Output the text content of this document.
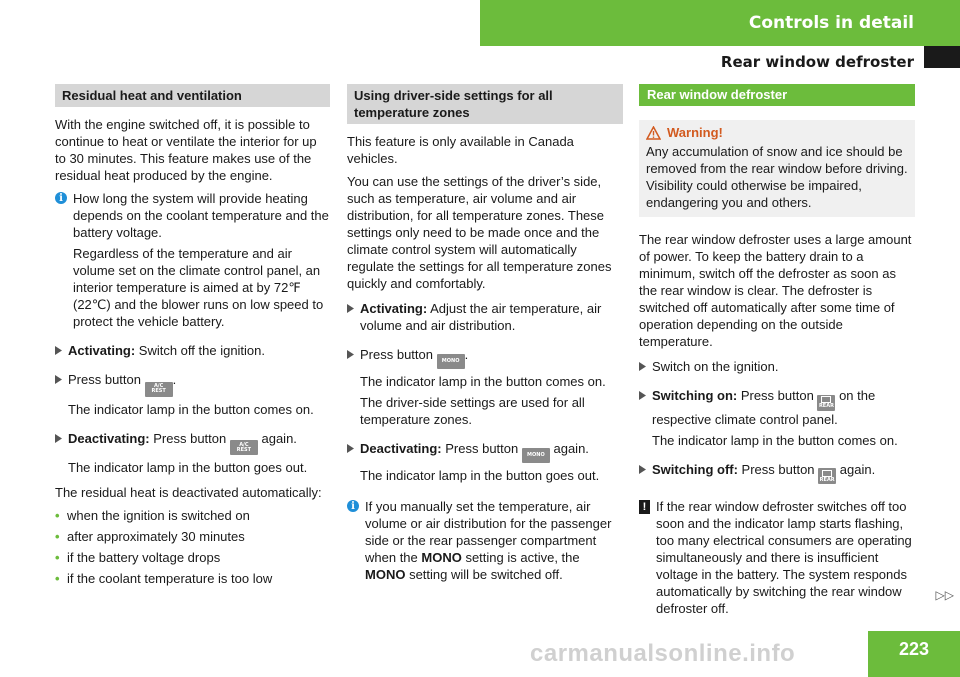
Controls in detail
Rear window defroster
Residual heat and ventilation

With the engine switched off, it is possible to continue to heat or ventilate the interior for up to 30 minutes. This feature makes use of the residual heat produced by the engine.

i How long the system will provide heating depends on the coolant temperature and the battery voltage.

Regardless of the temperature and air volume set on the climate control panel, an interior temperature is aimed at by 72℉ (22℃) and the blower runs on low speed to protect the vehicle battery.

Activating: Switch off the ignition.

Press button	A/C
REST
.

The indicator lamp in the button comes on.

Deactivating: Press button	A/C
REST
again.

The indicator lamp in the button goes out.

The residual heat is deactivated automatically:

• when the ignition is switched on
• after approximately 30 minutes
• if the battery voltage drops
• if the coolant temperature is too low
Using driver-side settings for all temperature zones

This feature is only available in Canada vehicles.

You can use the settings of the driver’s side, such as temperature, air volume and air distribution, for all temperature zones. These settings only need to be made once and the climate control system will automatically regulate the settings for all temperature zones quickly and comfortably.

Activating: Adjust the air temperature, air volume and air distribution.

Press button MONO .

The indicator lamp in the button comes on.

The driver-side settings are used for all temperature zones.

Deactivating: Press button MONO again.

The indicator lamp in the button goes out.

i If you manually set the temperature, air volume or air distribution for the passenger side or the rear passenger compartment when the MONO setting is active, the MONO setting will be switched off.

Rear window defroster
Warning!

Any accumulation of snow and ice should be removed from the rear window before driving. Visibility could otherwise be impaired, endangering you and others.

The rear window defroster uses a large amount of power. To keep the battery drain to a minimum, switch off the defroster as soon as the rear window is clear. The defroster is switched off automatically after some time of operation depending on the outside temperature.

Switch on the ignition.

Switching on: Press button
REAR
on the respective climate control panel.

The indicator lamp in the button comes on.

Switching off: Press button
REAR
again.

! If the rear window defroster switches off too soon and the indicator lamp starts flashing, too many electrical consumers are operating simultaneously and there is insufficient voltage in the battery. The system responds automatically by switching the rear window defroster off.

▷▷
223
carmanualsonline.info
